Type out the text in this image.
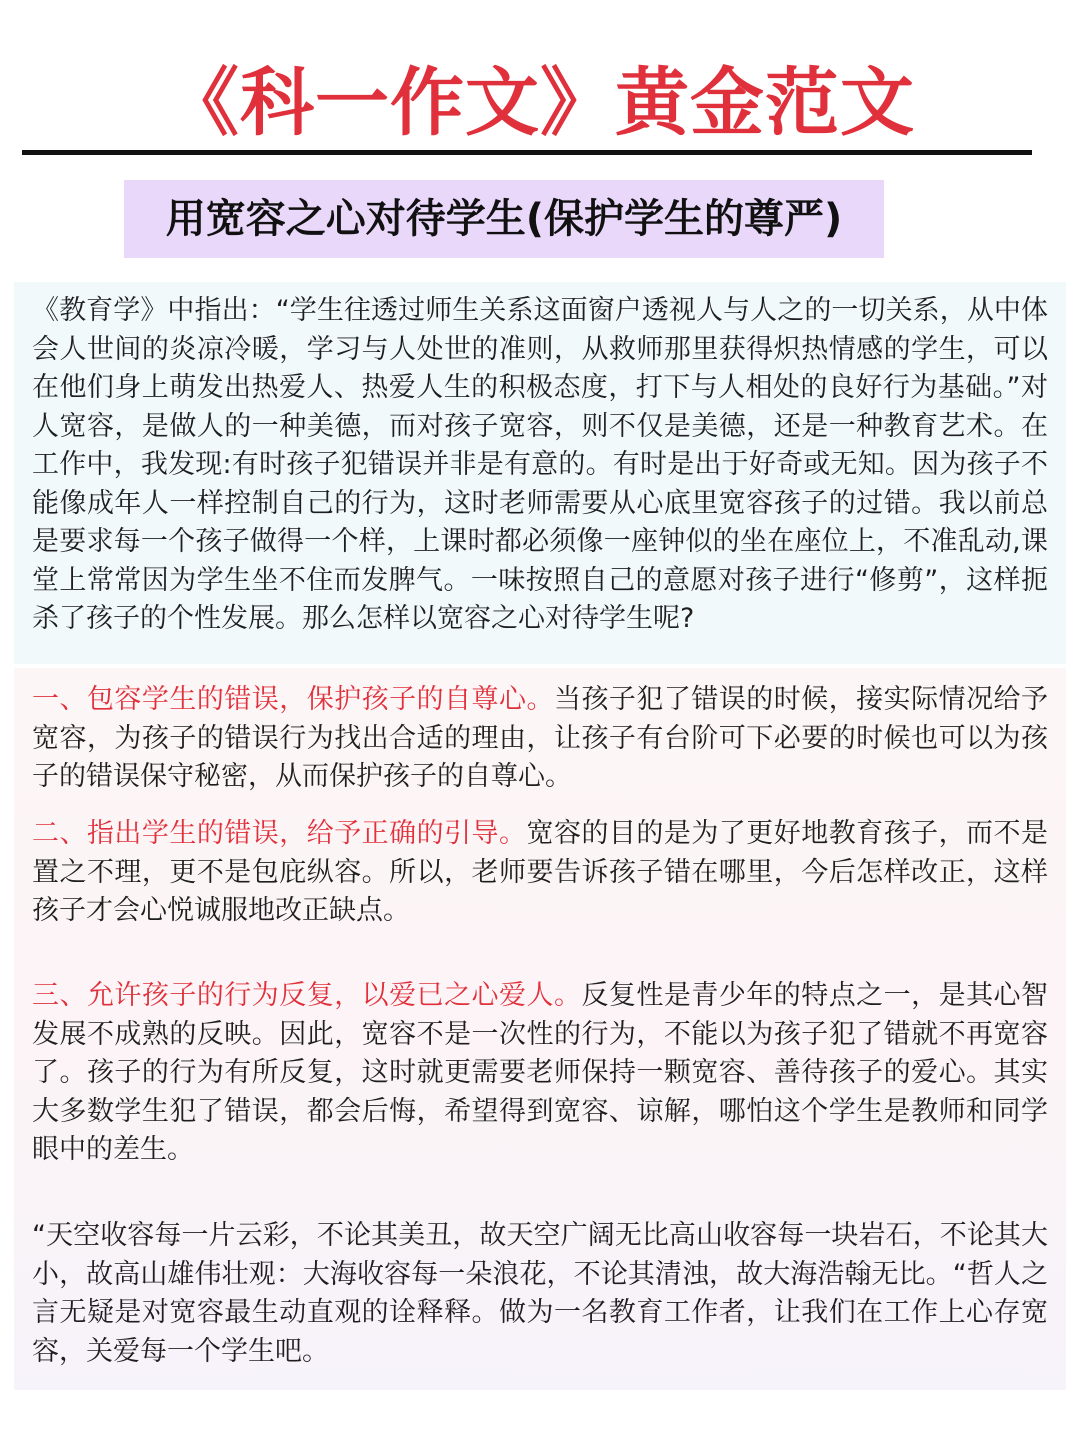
《科一作文》黄金范文
用宽容之心对待学生(保护学生的尊严)
《教育学》中指出：“学生往透过师生关系这面窗户透视人与人之的一切关系，从中体会人世间的炎凉冷暖，学习与人处世的准则，从救师那里获得炽热情感的学生，可以在他们身上萌发出热爱人、热爱人生的积极态度，打下与人相处的良好行为基础。”对人宽容，是做人的一种美德，而对孩子宽容，则不仅是美德，还是一种教育艺术。在工作中，我发现:有时孩子犯错误并非是有意的。有时是出于好奇或无知。因为孩子不能像成年人一样控制自己的行为，这时老师需要从心底里宽容孩子的过错。我以前总是要求每一个孩子做得一个样，上课时都必须像一座钟似的坐在座位上，不准乱动,课堂上常常因为学生坐不住而发脾气。一味按照自己的意愿对孩子进行“修剪”，这样扼杀了孩子的个性发展。那么怎样以宽容之心对待学生呢?
一、包容学生的错误，保护孩子的自尊心。当孩子犯了错误的时候，接实际情况给予宽容，为孩子的错误行为找出合适的理由，让孩子有台阶可下必要的时候也可以为孩子的错误保守秘密，从而保护孩子的自尊心。
二、指出学生的错误，给予正确的引导。宽容的目的是为了更好地教育孩子，而不是置之不理，更不是包庇纵容。所以，老师要告诉孩子错在哪里，今后怎样改正，这样孩子才会心悦诚服地改正缺点。
三、允许孩子的行为反复，以爱已之心爱人。反复性是青少年的特点之一，是其心智发展不成熟的反映。因此，宽容不是一次性的行为，不能以为孩子犯了错就不再宽容了。孩子的行为有所反复，这时就更需要老师保持一颗宽容、善待孩子的爱心。其实大多数学生犯了错误，都会后悔，希望得到宽容、谅解，哪怕这个学生是教师和同学眼中的差生。
“天空收容每一片云彩，不论其美丑，故天空广阔无比高山收容每一块岩石，不论其大小，故高山雄伟壮观：大海收容每一朵浪花，不论其清浊，故大海浩翰无比。“哲人之言无疑是对宽容最生动直观的诠释释。做为一名教育工作者，让我们在工作上心存宽容，关爱每一个学生吧。
